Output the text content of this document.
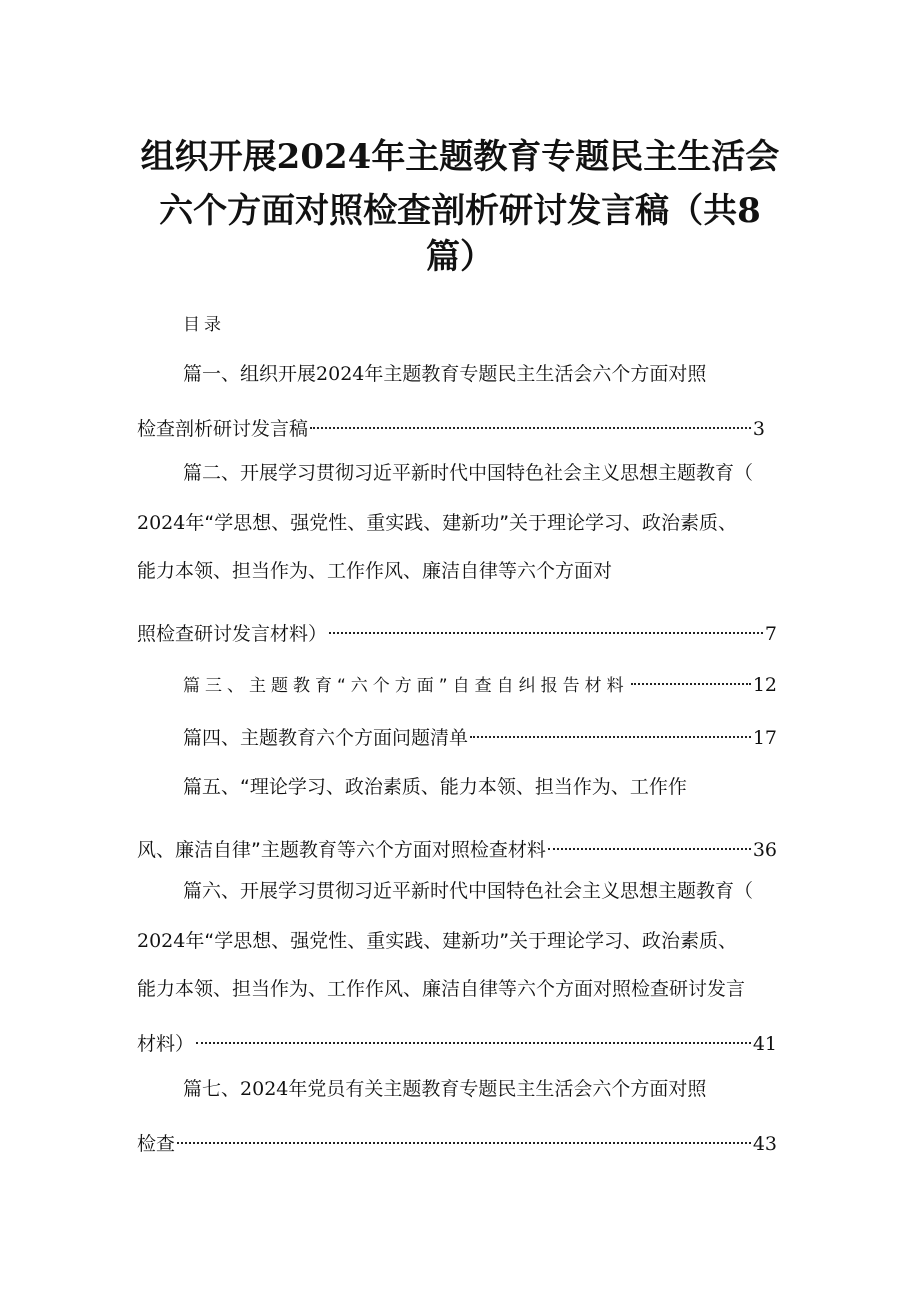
组织开展2024年主题教育专题民主生活会
六个方面对照检查剖析研讨发言稿（共8
篇）
目录
篇一、组织开展2024年主题教育专题民主生活会六个方面对照
检查剖析研讨发言稿	3
篇二、开展学习贯彻习近平新时代中国特色社会主义思想主题教育（
2024年“学思想、强党性、重实践、建新功”关于理论学习、政治素质、
能力本领、担当作为、工作作风、廉洁自律等六个方面对
照检查研讨发言材料）	7
篇三、主题教育“六个方面”自查自纠报告材料	12
篇四、主题教育六个方面问题清单	17
篇五、“理论学习、政治素质、能力本领、担当作为、工作作
风、廉洁自律”主题教育等六个方面对照检查材料	36
篇六、开展学习贯彻习近平新时代中国特色社会主义思想主题教育（
2024年“学思想、强党性、重实践、建新功”关于理论学习、政治素质、
能力本领、担当作为、工作作风、廉洁自律等六个方面对照检查研讨发言
材料）	41
篇七、2024年党员有关主题教育专题民主生活会六个方面对照
检查	43
